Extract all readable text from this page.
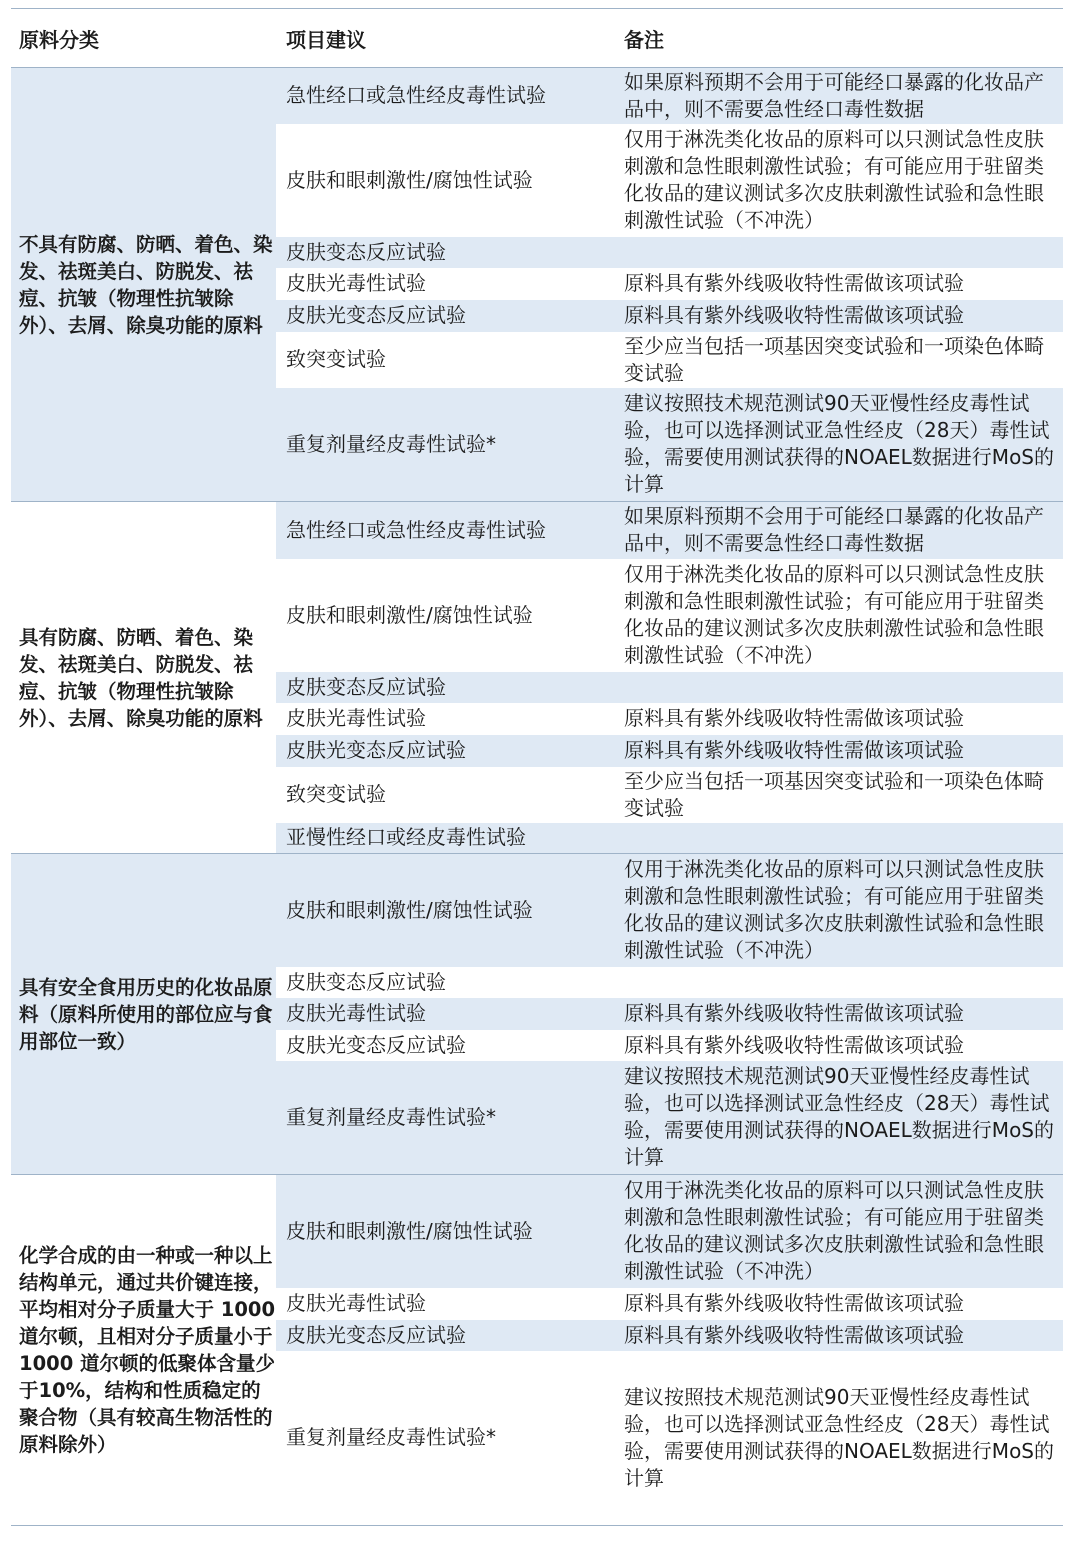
原料分类	项目建议	备注
不具有防腐、防晒、着色、染发、祛斑美白、防脱发、祛痘、抗皱（物理性抗皱除外）、去屑、除臭功能的原料	急性经口或急性经皮毒性试验	如果原料预期不会用于可能经口暴露的化妆品产品中，则不需要急性经口毒性数据
	皮肤和眼刺激性/腐蚀性试验	仅用于淋洗类化妆品的原料可以只测试急性皮肤刺激和急性眼刺激性试验；有可能应用于驻留类化妆品的建议测试多次皮肤刺激性试验和急性眼刺激性试验（不冲洗）
	皮肤变态反应试验	
	皮肤光毒性试验	原料具有紫外线吸收特性需做该项试验
	皮肤光变态反应试验	原料具有紫外线吸收特性需做该项试验
	致突变试验	至少应当包括一项基因突变试验和一项染色体畸变试验
	重复剂量经皮毒性试验*	建议按照技术规范测试90天亚慢性经皮毒性试验，也可以选择测试亚急性经皮（28天）毒性试验，需要使用测试获得的NOAEL数据进行MoS的计算
具有防腐、防晒、着色、染发、祛斑美白、防脱发、祛痘、抗皱（物理性抗皱除外）、去屑、除臭功能的原料	急性经口或急性经皮毒性试验	如果原料预期不会用于可能经口暴露的化妆品产品中，则不需要急性经口毒性数据
	皮肤和眼刺激性/腐蚀性试验	仅用于淋洗类化妆品的原料可以只测试急性皮肤刺激和急性眼刺激性试验；有可能应用于驻留类化妆品的建议测试多次皮肤刺激性试验和急性眼刺激性试验（不冲洗）
	皮肤变态反应试验	
	皮肤光毒性试验	原料具有紫外线吸收特性需做该项试验
	皮肤光变态反应试验	原料具有紫外线吸收特性需做该项试验
	致突变试验	至少应当包括一项基因突变试验和一项染色体畸变试验
	亚慢性经口或经皮毒性试验	
具有安全食用历史的化妆品原料（原料所使用的部位应与食用部位一致）	皮肤和眼刺激性/腐蚀性试验	仅用于淋洗类化妆品的原料可以只测试急性皮肤刺激和急性眼刺激性试验；有可能应用于驻留类化妆品的建议测试多次皮肤刺激性试验和急性眼刺激性试验（不冲洗）
	皮肤变态反应试验	
	皮肤光毒性试验	原料具有紫外线吸收特性需做该项试验
	皮肤光变态反应试验	原料具有紫外线吸收特性需做该项试验
	重复剂量经皮毒性试验*	建议按照技术规范测试90天亚慢性经皮毒性试验，也可以选择测试亚急性经皮（28天）毒性试验，需要使用测试获得的NOAEL数据进行MoS的计算
化学合成的由一种或一种以上结构单元，通过共价键连接，平均相对分子质量大于 1000 道尔顿，且相对分子质量小于 1000 道尔顿的低聚体含量少于10%，结构和性质稳定的聚合物（具有较高生物活性的原料除外）	皮肤和眼刺激性/腐蚀性试验	仅用于淋洗类化妆品的原料可以只测试急性皮肤刺激和急性眼刺激性试验；有可能应用于驻留类化妆品的建议测试多次皮肤刺激性试验和急性眼刺激性试验（不冲洗）
	皮肤光毒性试验	原料具有紫外线吸收特性需做该项试验
	皮肤光变态反应试验	原料具有紫外线吸收特性需做该项试验
	重复剂量经皮毒性试验*	建议按照技术规范测试90天亚慢性经皮毒性试验，也可以选择测试亚急性经皮（28天）毒性试验，需要使用测试获得的NOAEL数据进行MoS的计算
